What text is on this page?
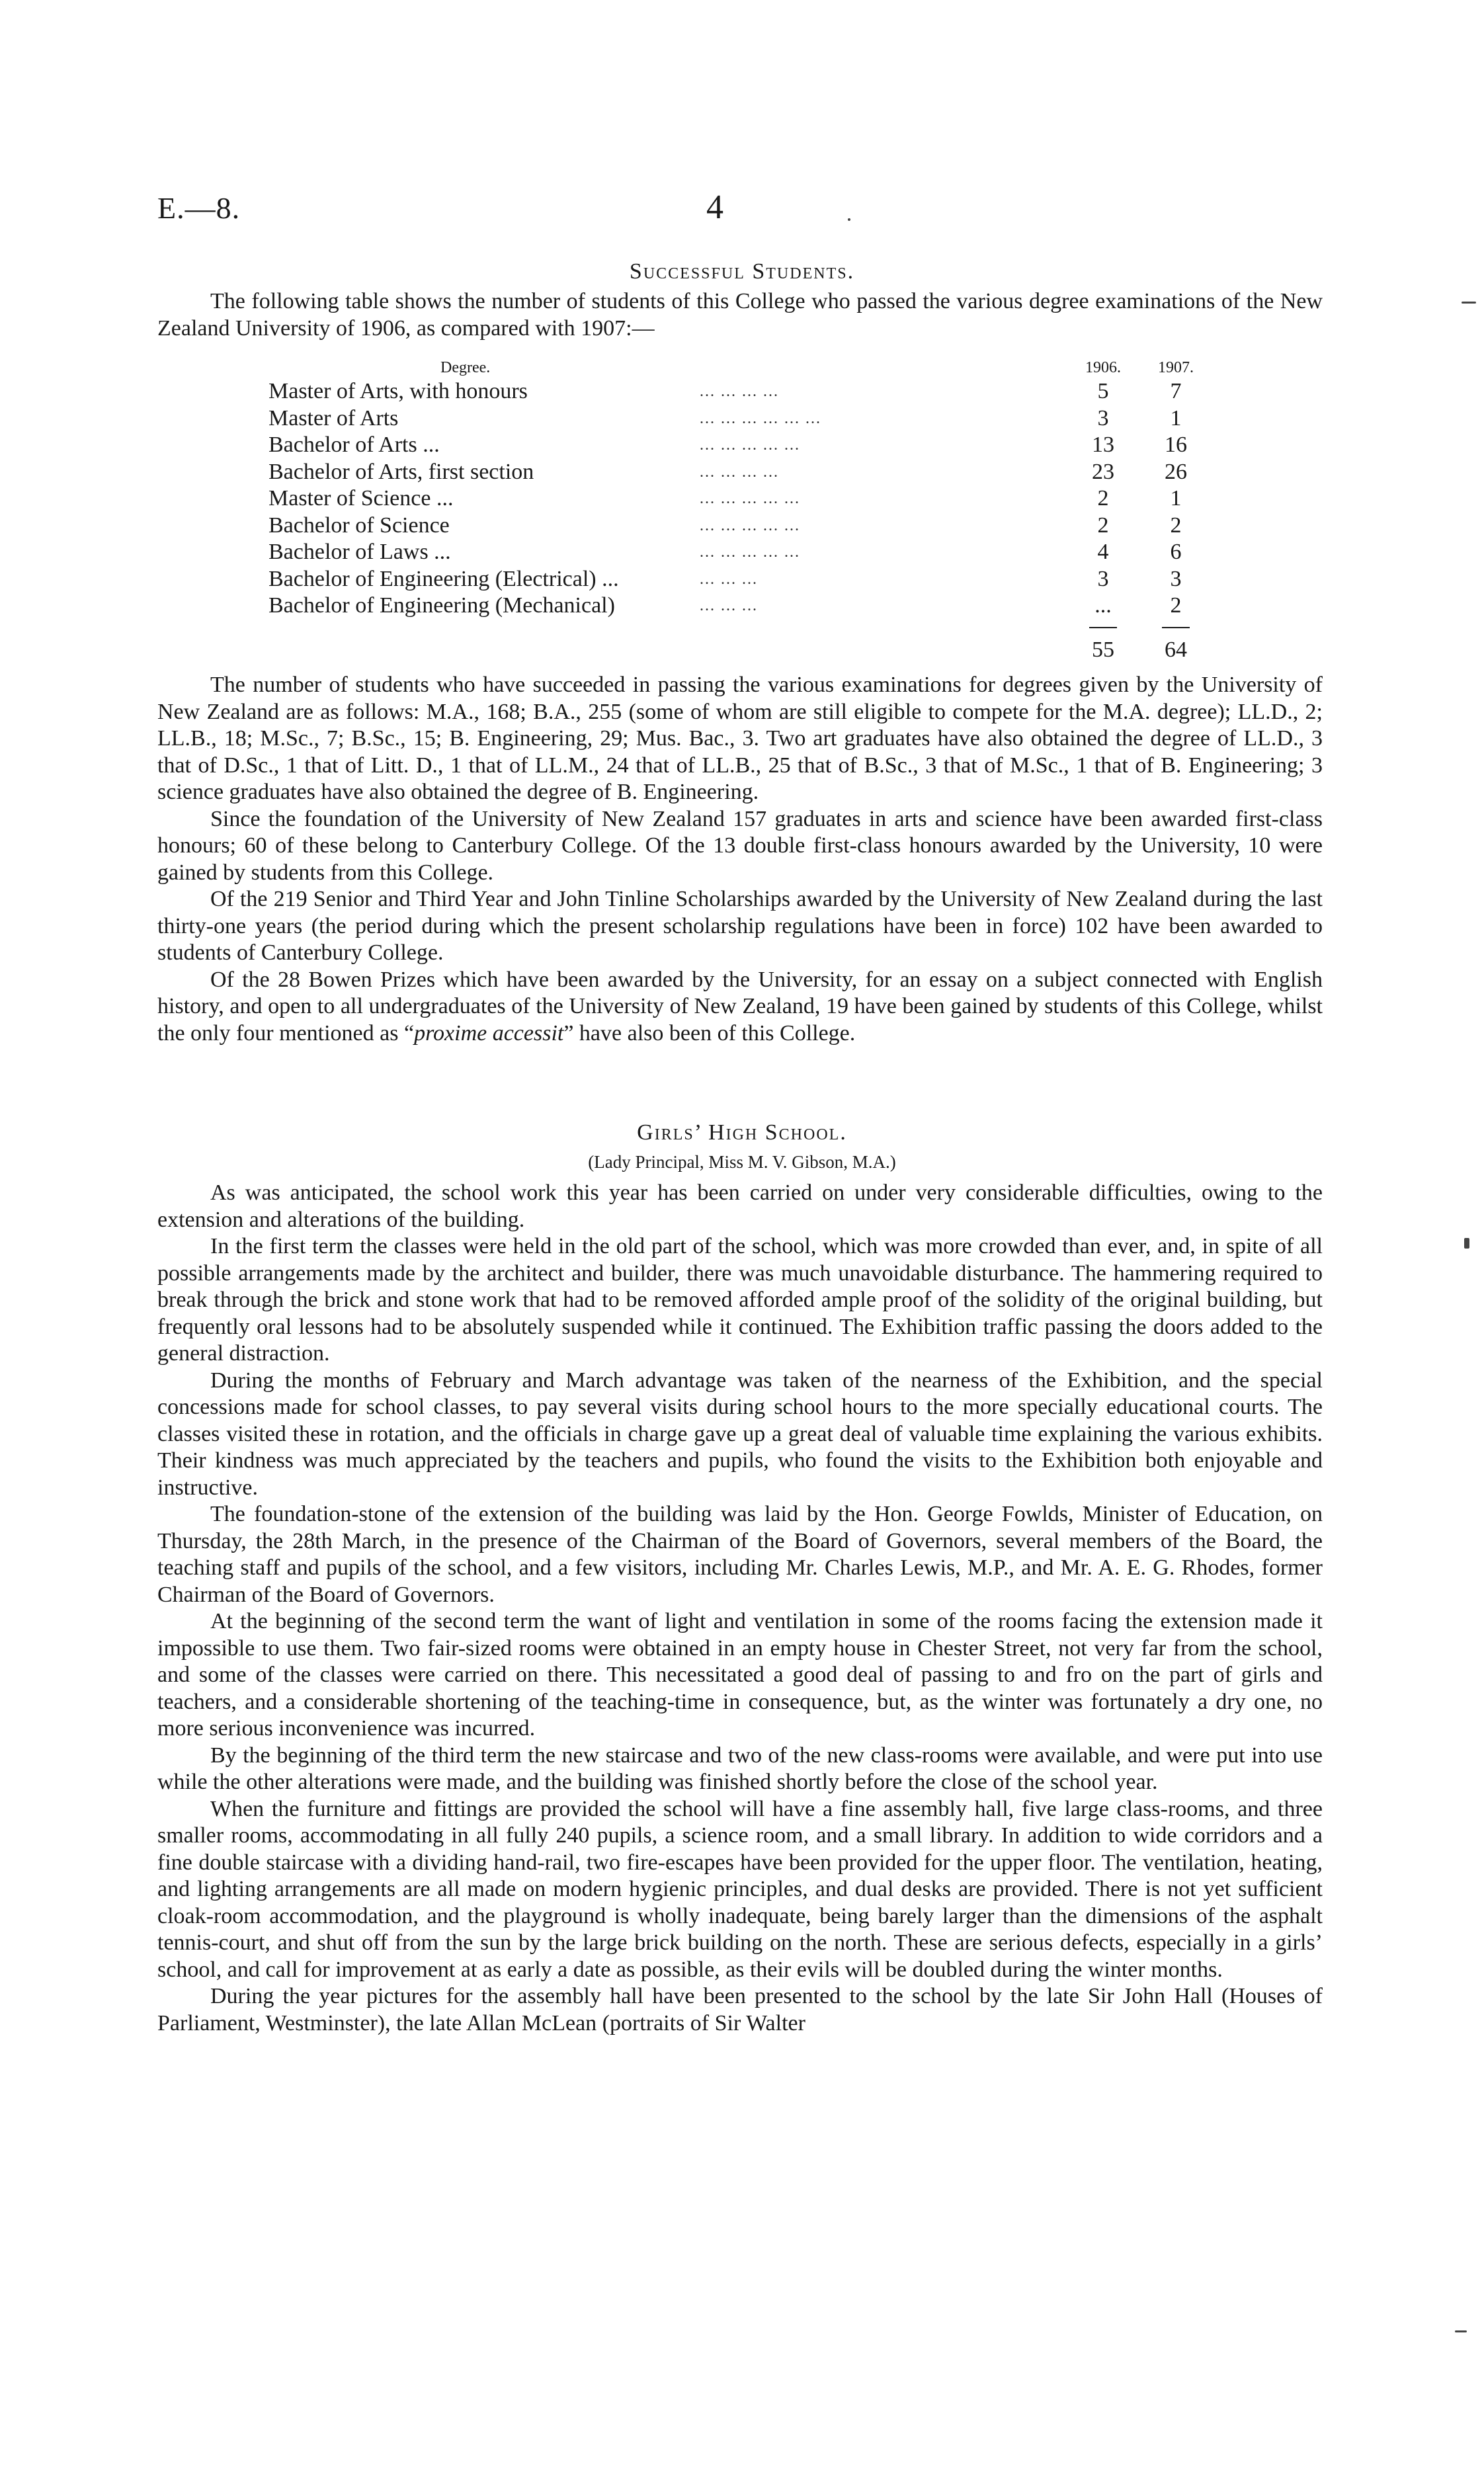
E.—8.	4
Successful Students.

The following table shows the number of students of this College who passed the various degree examinations of the New Zealand University of 1906, as compared with 1907:—

Degree.	1906.	1907.
Master of Arts, with honours	... ... ... ...	5	7
Master of Arts	... ... ... ... ... ...	3	1
Bachelor of Arts ...	... ... ... ... ...	13	16
Bachelor of Arts, first section	... ... ... ...	23	26
Master of Science ...	... ... ... ... ...	2	1
Bachelor of Science	... ... ... ... ...	2	2
Bachelor of Laws ...	... ... ... ... ...	4	6
Bachelor of Engineering (Electrical) ...	... ... ...	3	3
Bachelor of Engineering (Mechanical)	... ... ...	...	2
55	64

The number of students who have succeeded in passing the various examinations for degrees given by the University of New Zealand are as follows: M.A., 168; B.A., 255 (some of whom are still eligible to compete for the M.A. degree); LL.D., 2; LL.B., 18; M.Sc., 7; B.Sc., 15; B. Engineering, 29; Mus. Bac., 3. Two art graduates have also obtained the degree of LL.D., 3 that of D.Sc., 1 that of Litt. D., 1 that of LL.M., 24 that of LL.B., 25 that of B.Sc., 3 that of M.Sc., 1 that of B. Engineering; 3 science graduates have also obtained the degree of B. Engineering.

Since the foundation of the University of New Zealand 157 graduates in arts and science have been awarded first-class honours; 60 of these belong to Canterbury College. Of the 13 double first-class honours awarded by the University, 10 were gained by students from this College.

Of the 219 Senior and Third Year and John Tinline Scholarships awarded by the University of New Zealand during the last thirty-one years (the period during which the present scholarship regulations have been in force) 102 have been awarded to students of Canterbury College.

Of the 28 Bowen Prizes which have been awarded by the University, for an essay on a subject connected with English history, and open to all undergraduates of the University of New Zealand, 19 have been gained by students of this College, whilst the only four mentioned as “proxime accessit” have also been of this College.

Girls’ High School.
(Lady Principal, Miss M. V. Gibson, M.A.)

As was anticipated, the school work this year has been carried on under very considerable difficulties, owing to the extension and alterations of the building.

In the first term the classes were held in the old part of the school, which was more crowded than ever, and, in spite of all possible arrangements made by the architect and builder, there was much unavoidable disturbance. The hammering required to break through the brick and stone work that had to be removed afforded ample proof of the solidity of the original building, but frequently oral lessons had to be absolutely suspended while it continued. The Exhibition traffic passing the doors added to the general distraction.

During the months of February and March advantage was taken of the nearness of the Exhibition, and the special concessions made for school classes, to pay several visits during school hours to the more specially educational courts. The classes visited these in rotation, and the officials in charge gave up a great deal of valuable time explaining the various exhibits. Their kindness was much appreciated by the teachers and pupils, who found the visits to the Exhibition both enjoyable and instructive.

The foundation-stone of the extension of the building was laid by the Hon. George Fowlds, Minister of Education, on Thursday, the 28th March, in the presence of the Chairman of the Board of Governors, several members of the Board, the teaching staff and pupils of the school, and a few visitors, including Mr. Charles Lewis, M.P., and Mr. A. E. G. Rhodes, former Chairman of the Board of Governors.

At the beginning of the second term the want of light and ventilation in some of the rooms facing the extension made it impossible to use them. Two fair-sized rooms were obtained in an empty house in Chester Street, not very far from the school, and some of the classes were carried on there. This necessitated a good deal of passing to and fro on the part of girls and teachers, and a considerable shortening of the teaching-time in consequence, but, as the winter was fortunately a dry one, no more serious inconvenience was incurred.

By the beginning of the third term the new staircase and two of the new class-rooms were available, and were put into use while the other alterations were made, and the building was finished shortly before the close of the school year.

When the furniture and fittings are provided the school will have a fine assembly hall, five large class-rooms, and three smaller rooms, accommodating in all fully 240 pupils, a science room, and a small library. In addition to wide corridors and a fine double staircase with a dividing hand-rail, two fire-escapes have been provided for the upper floor. The ventilation, heating, and lighting arrangements are all made on modern hygienic principles, and dual desks are provided. There is not yet sufficient cloak-room accommodation, and the playground is wholly inadequate, being barely larger than the dimensions of the asphalt tennis-court, and shut off from the sun by the large brick building on the north. These are serious defects, especially in a girls’ school, and call for improvement at as early a date as possible, as their evils will be doubled during the winter months.

During the year pictures for the assembly hall have been presented to the school by the late Sir John Hall (Houses of Parliament, Westminster), the late Allan McLean (portraits of Sir Walter
